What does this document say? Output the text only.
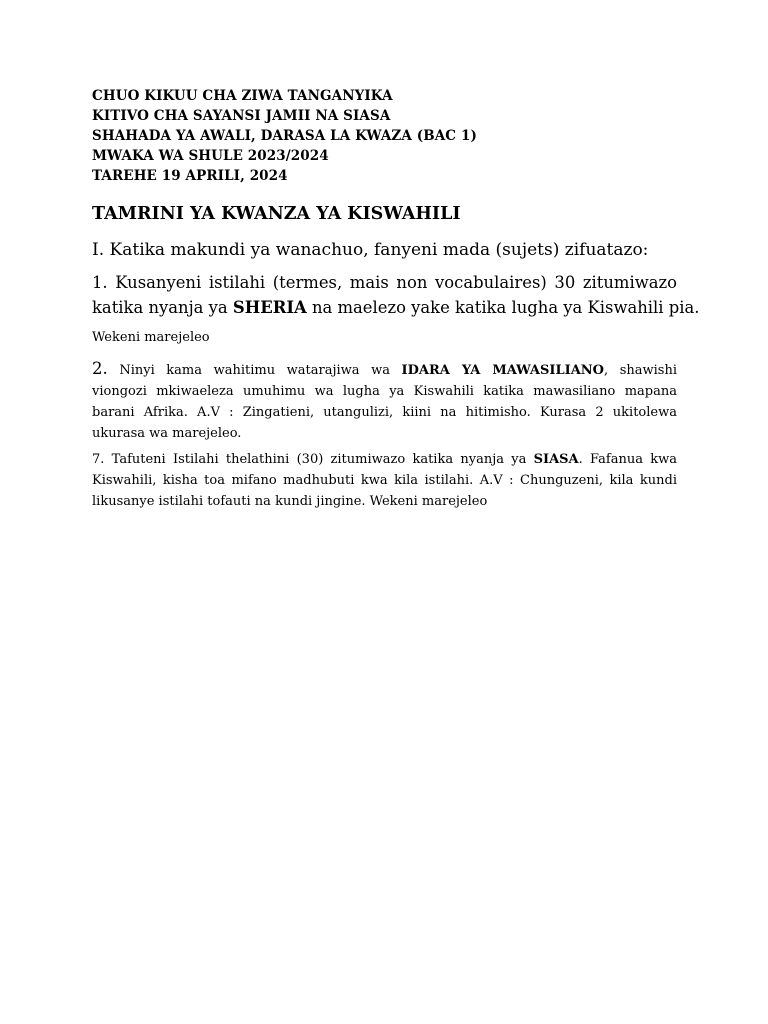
CHUO KIKUU CHA ZIWA TANGANYIKA
KITIVO CHA SAYANSI JAMII NA SIASA
SHAHADA YA AWALI, DARASA LA KWAZA (BAC 1)
MWAKA WA SHULE 2023/2024
TAREHE 19 APRILI, 2024
TAMRINI YA KWANZA YA KISWAHILI
I. Katika makundi ya wanachuo, fanyeni mada (sujets) zifuatazo:
1. Kusanyeni istilahi (termes, mais non vocabulaires) 30 zitumiwazo
katika nyanja ya SHERIA na maelezo yake katika lugha ya Kiswahili pia.
Wekeni marejeleo
2. Ninyi kama wahitimu watarajiwa wa IDARA YA MAWASILIANO, shawishi
viongozi mkiwaeleza umuhimu wa lugha ya Kiswahili katika mawasiliano mapana
barani Afrika. A.V : Zingatieni, utangulizi, kiini na hitimisho. Kurasa 2 ukitolewa
ukurasa wa marejeleo.
7. Tafuteni Istilahi thelathini (30) zitumiwazo katika nyanja ya SIASA. Fafanua kwa
Kiswahili, kisha toa mifano madhubuti kwa kila istilahi. A.V : Chunguzeni, kila kundi
likusanye istilahi tofauti na kundi jingine. Wekeni marejeleo
